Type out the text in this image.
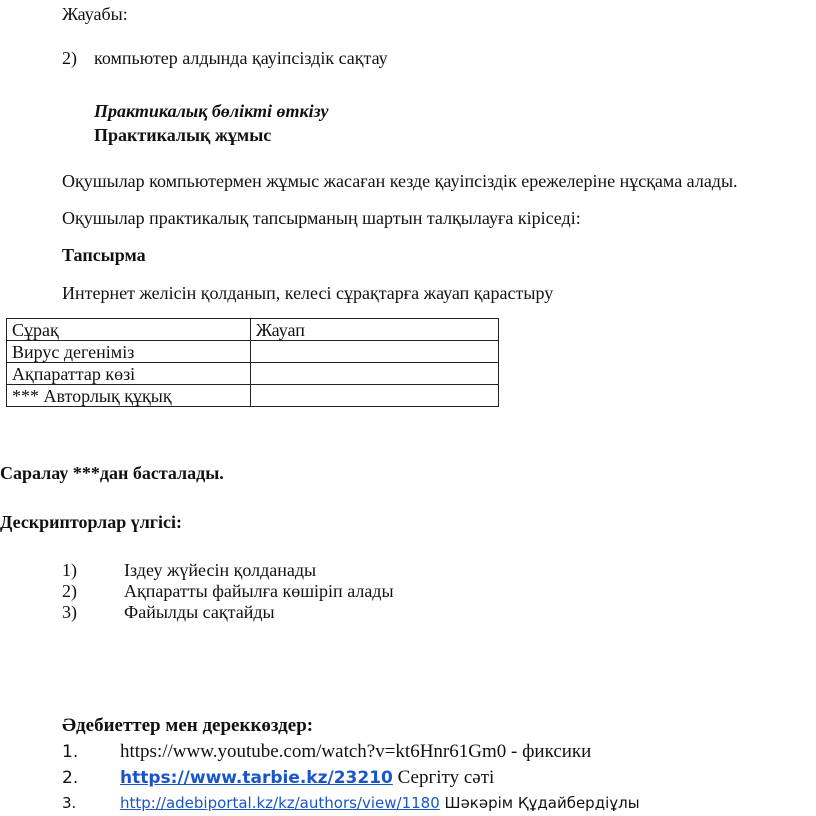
Жауабы:
2) компьютер алдында қауіпсіздік сақтау
Практикалық бөлікті өткізу
Практикалық жұмыс
Оқушылар компьютермен жұмыс жасаған кезде қауіпсіздік ережелеріне нұсқама алады.
Оқушылар практикалық тапсырманың шартын талқылауға кіріседі:
Тапсырма
Интернет желісін қолданып, келесі сұрақтарға жауап қарастыру
Сұрақ	Жауап
Вирус дегеніміз	
Ақпараттар көзі	
*** Авторлық құқық	
Саралау ***дан басталады.
Дескрипторлар үлгісі:
1)	Іздеу жүйесін қолданады
2)	Ақпаратты файылға көшіріп алады
3)	Файылды сақтайды
Әдебиеттер мен дереккөздер:
1. https://www.youtube.com/watch?v=kt6Hnr61Gm0 - фиксики
2. https://www.tarbie.kz/23210 Сергіту сәті
3.	http://adebiportal.kz/kz/authors/view/1180 Шәкәрім Құдайбердіұлы
